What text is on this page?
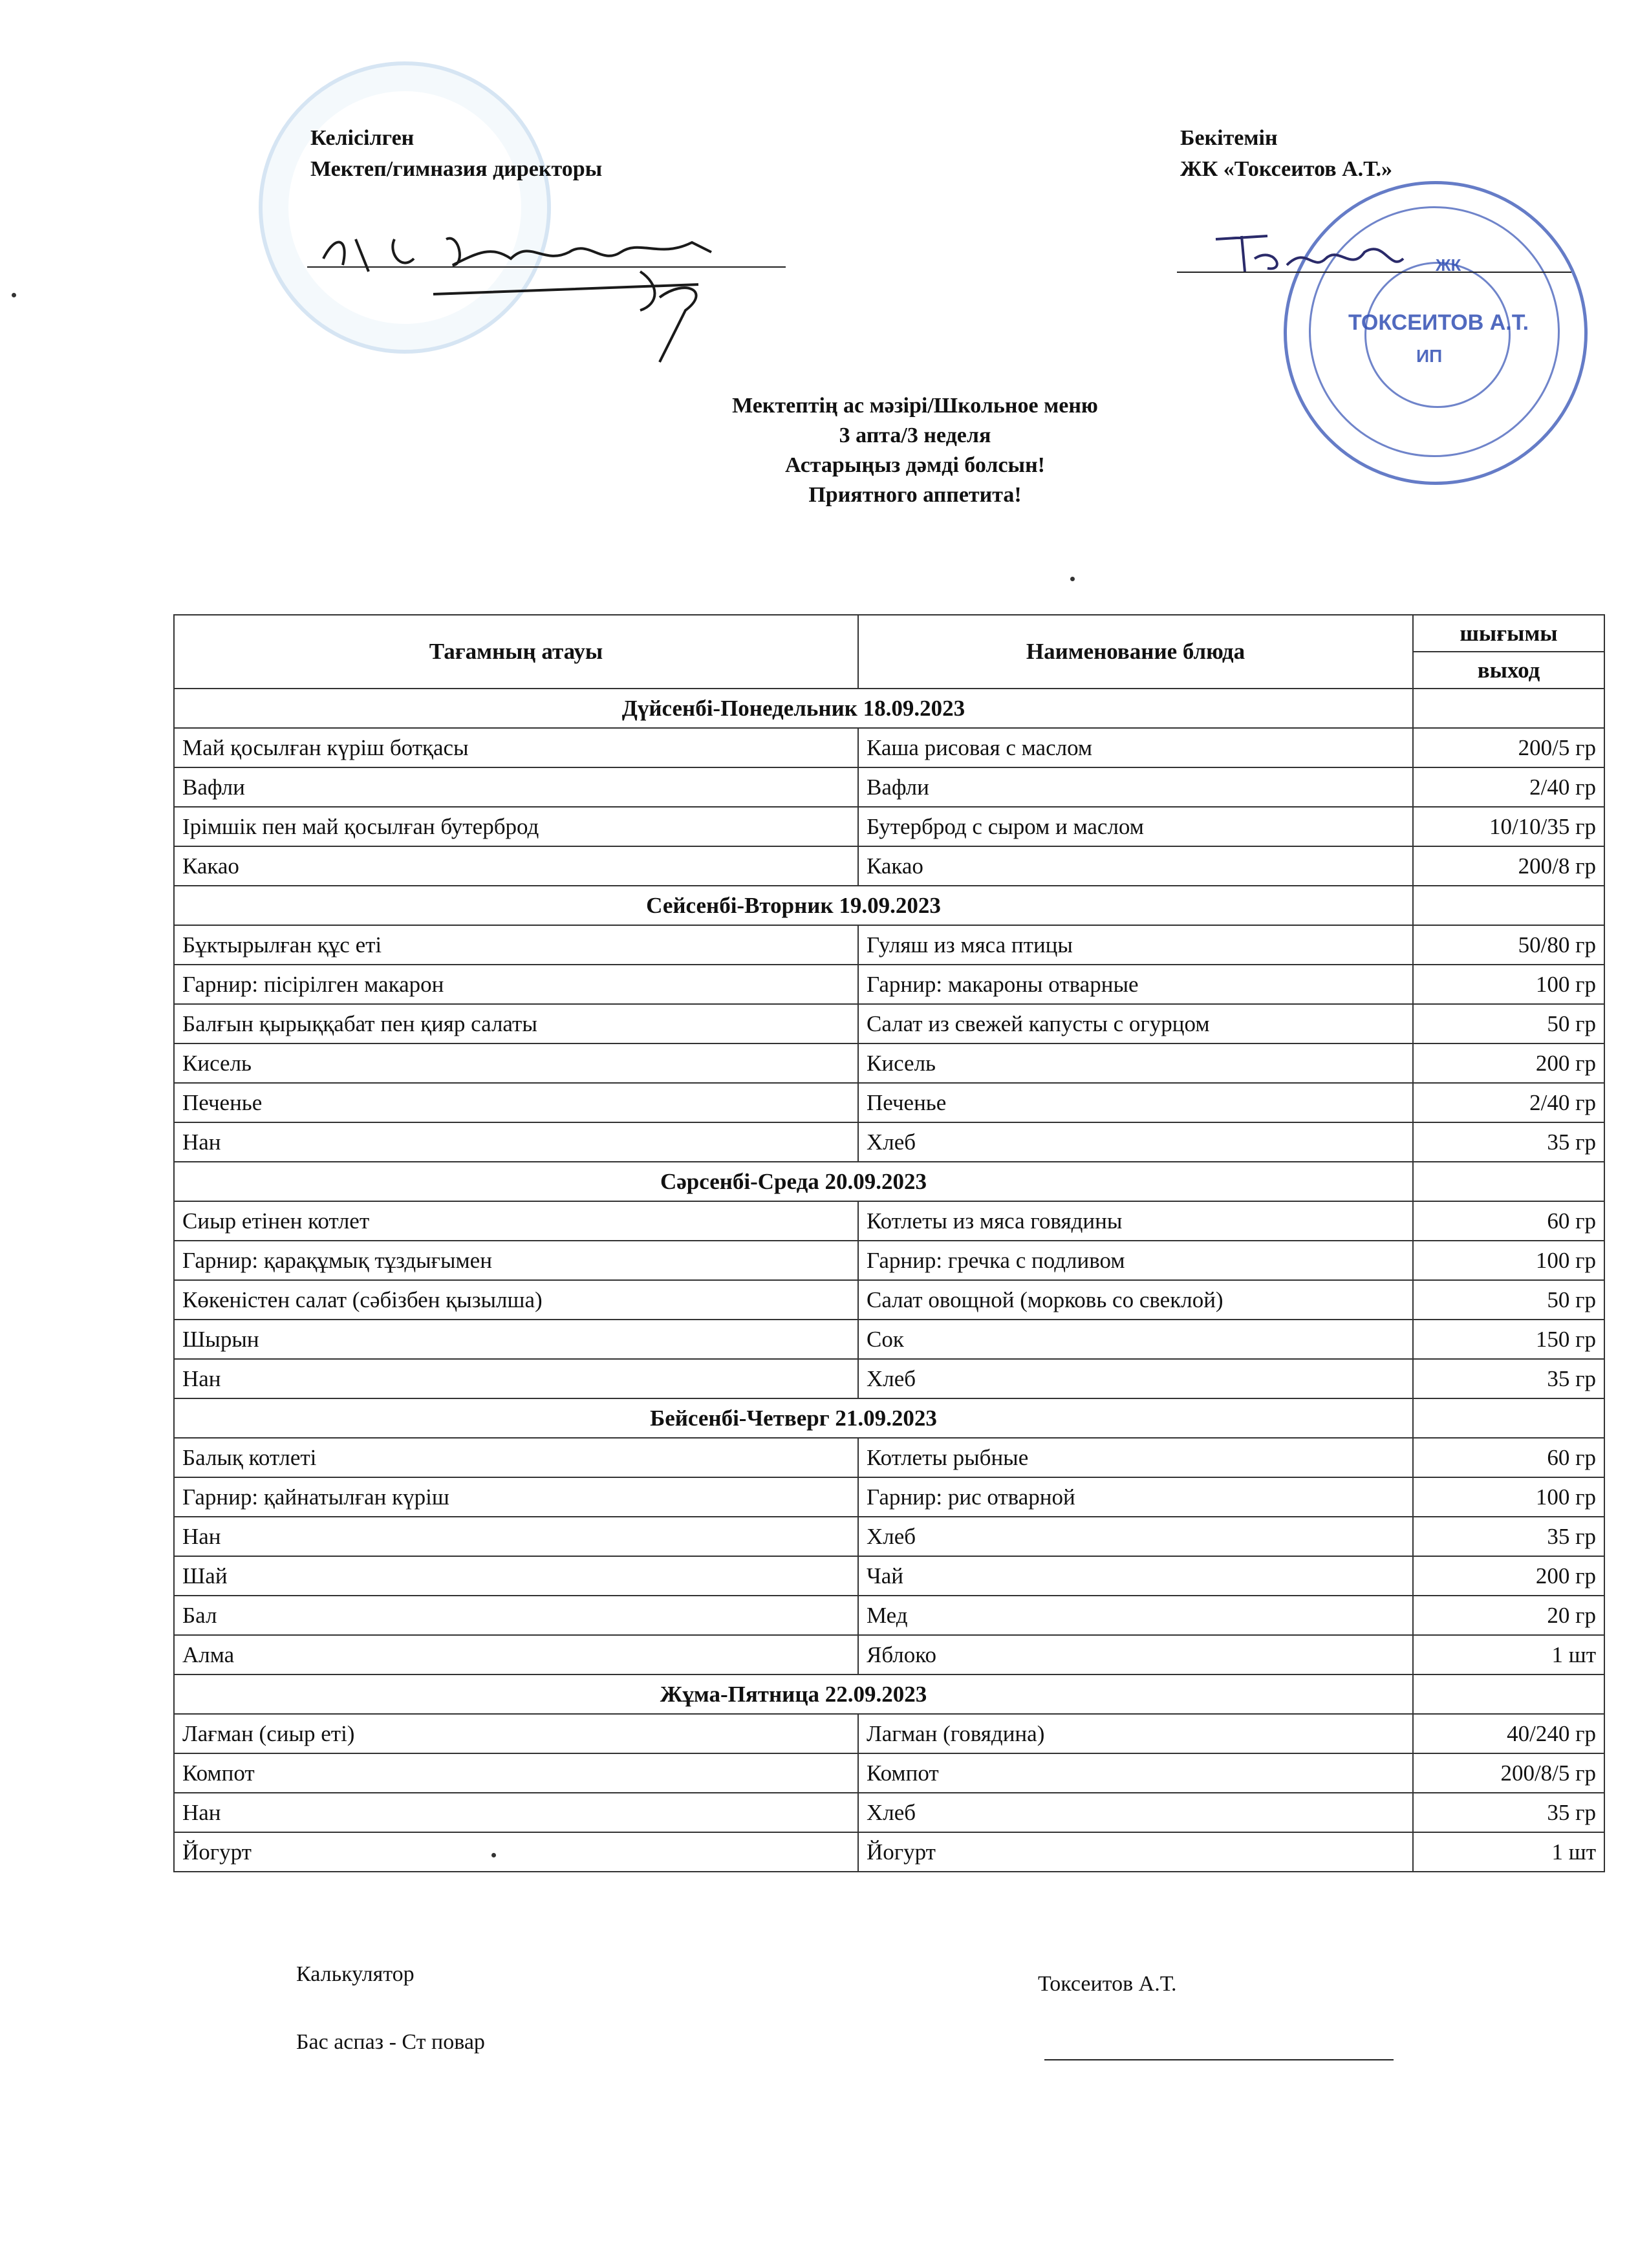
Келісілген
Мектеп/гимназия директоры
Бекітемін
ЖК «Токсеитов А.Т.»
ТОКСЕИТОВ А.Т.
ИП
ЖК
Мектептің ас мәзірі/Школьное меню
3 апта/3 неделя
Астарыңыз дәмді болсын!
Приятного аппетита!
Тағамның атауы	Наименование блюда	шығымы
		выход
Дүйсенбі-Понедельник 18.09.2023		
Май қосылған күріш ботқасы	Каша рисовая с маслом	200/5 гр
Вафли	Вафли	2/40 гр
Ірімшік пен май қосылған бутерброд	Бутерброд с сыром и маслом	10/10/35 гр
Какао	Какао	200/8 гр
Сейсенбі-Вторник 19.09.2023		
Бұктырылған құс еті	Гуляш из мяса птицы	50/80 гр
Гарнир: пісірілген макарон	Гарнир: макароны отварные	100 гр
Балғын қырыққабат пен қияр салаты	Салат из свежей капусты с огурцом	50 гр
Кисель	Кисель	200 гр
Печенье	Печенье	2/40 гр
Нан	Хлеб	35 гр
Сәрсенбі-Среда 20.09.2023		
Сиыр етінен котлет	Котлеты из мяса говядины	60 гр
Гарнир: қарақұмық тұздығымен	Гарнир: гречка с подливом	100 гр
Көкеністен салат (сәбізбен қызылша)	Салат овощной (морковь со свеклой)	50 гр
Шырын	Сок	150 гр
Нан	Хлеб	35 гр
Бейсенбі-Четверг 21.09.2023		
Балық котлеті	Котлеты рыбные	60 гр
Гарнир: қайнатылған күріш	Гарнир: рис отварной	100 гр
Нан	Хлеб	35 гр
Шай	Чай	200 гр
Бал	Мед	20 гр
Алма	Яблоко	1 шт
Жұма-Пятница 22.09.2023		
Лағман (сиыр еті)	Лагман (говядина)	40/240 гр
Компот	Компот	200/8/5 гр
Нан	Хлеб	35 гр
Йогурт	Йогурт	1 шт
Калькулятор
Бас аспаз - Ст повар
Токсеитов А.Т.
